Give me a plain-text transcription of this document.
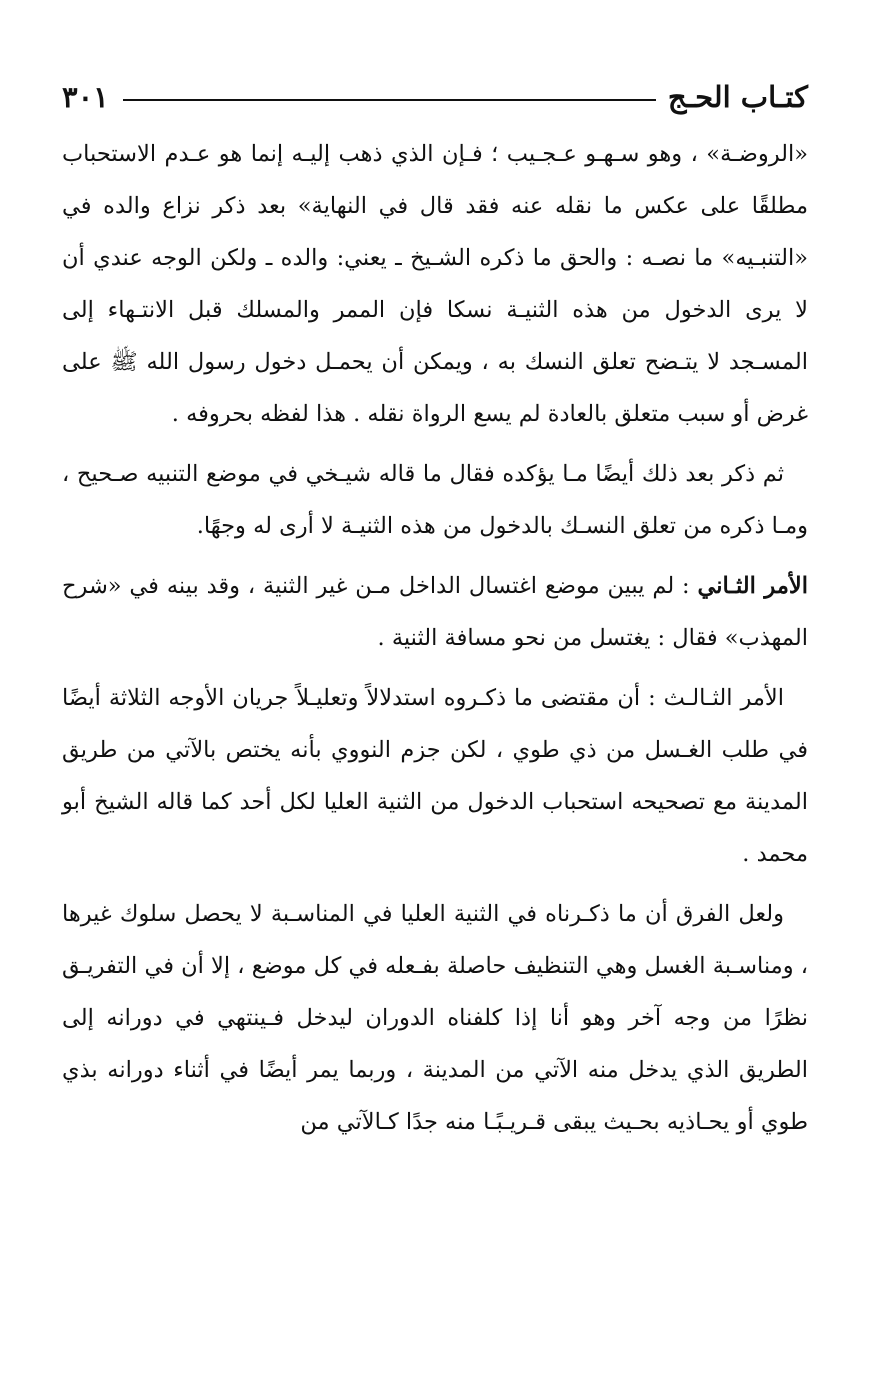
كتـاب الحـج
٣٠١

«الروضـة» ، وهو سـهـو عـجـيب ؛ فـإن الذي ذهب إليـه إنما هو عـدم الاستحباب مطلقًا على عكس ما نقله عنه فقد قال في النهاية» بعد ذكر نزاع والده في «التنبـيه» ما نصـه : والحق ما ذكره الشـيخ ـ يعني: والده ـ ولكن الوجه عندي أن لا يرى الدخول من هذه الثنيـة نسكا فإن الممر والمسلك قبل الانتـهاء إلى المسـجد لا يتـضح تعلق النسك به ، ويمكن أن يحمـل دخول رسول الله ﷺ على غرض أو سبب متعلق بالعادة لم يسع الرواة نقله . هذا لفظه بحروفه .

ثم ذكر بعد ذلك أيضًا مـا يؤكده فقال ما قاله شيـخي في موضع التنبيه صـحيح ، ومـا ذكره من تعلق النسـك بالدخول من هذه الثنيـة لا أرى له وجهًا.

الأمر الثـاني : لم يبين موضع اغتسال الداخل مـن غير الثنية ، وقد بينه في «شرح المهذب» فقال : يغتسل من نحو مسافة الثنية .

الأمر الثـالـث : أن مقتضى ما ذكـروه استدلالاً وتعليـلاً جريان الأوجه الثلاثة أيضًا في طلب الغـسل من ذي طوي ، لكن جزم النووي بأنه يختص بالآتي من طريق المدينة مع تصحيحه استحباب الدخول من الثنية العليا لكل أحد كما قاله الشيخ أبو محمد .

ولعل الفرق أن ما ذكـرناه في الثنية العليا في المناسـبة لا يحصل سلوك غيرها ، ومناسـبة الغسل وهي التنظيف حاصلة بفـعله في كل موضع ، إلا أن في التفريـق نظرًا من وجه آخر وهو أنا إذا كلفناه الدوران ليدخل فـينتهي في دورانه إلى الطريق الذي يدخل منه الآتي من المدينة ، وربما يمر أيضًا في أثناء دورانه بذي طوي أو يحـاذيه بحـيث يبقى قـريـبًـا منه جدًا كـالآتي من
